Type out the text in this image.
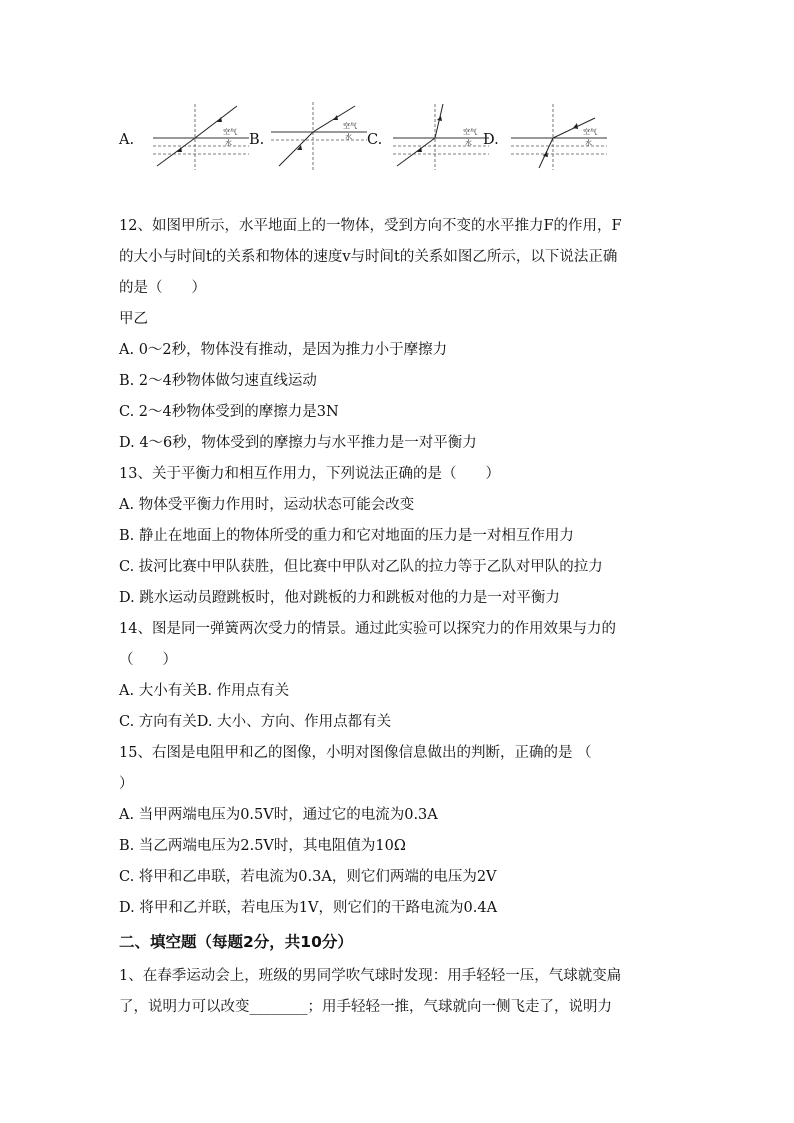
A.	空气
水 B.
空气
水 C.	空气
水 D.	空气
水
12、如图甲所示，水平地面上的一物体，受到方向不变的水平推力F的作用，F
的大小与时间t的关系和物体的速度v与时间t的关系如图乙所示，以下说法正确
的是（　　）
甲乙
A. 0～2秒，物体没有推动，是因为推力小于摩擦力
B. 2～4秒物体做匀速直线运动
C. 2～4秒物体受到的摩擦力是3N
D. 4～6秒，物体受到的摩擦力与水平推力是一对平衡力
13、关于平衡力和相互作用力，下列说法正确的是（　　）
A. 物体受平衡力作用时，运动状态可能会改变
B. 静止在地面上的物体所受的重力和它对地面的压力是一对相互作用力
C. 拔河比赛中甲队获胜，但比赛中甲队对乙队的拉力等于乙队对甲队的拉力
D. 跳水运动员蹬跳板时，他对跳板的力和跳板对他的力是一对平衡力
14、图是同一弹簧两次受力的情景。通过此实验可以探究力的作用效果与力的
（　　）
A. 大小有关B. 作用点有关
C. 方向有关D. 大小、方向、作用点都有关
15、右图是电阻甲和乙的图像，小明对图像信息做出的判断，正确的是 （
）
A. 当甲两端电压为0.5V时，通过它的电流为0.3A
B. 当乙两端电压为2.5V时，其电阻值为10Ω
C. 将甲和乙串联，若电流为0.3A，则它们两端的电压为2V
D. 将甲和乙并联，若电压为1V，则它们的干路电流为0.4A
二、填空题（每题2分，共10分）
1、在春季运动会上，班级的男同学吹气球时发现：用手轻轻一压，气球就变扁
了，说明力可以改变________；用手轻轻一推，气球就向一侧飞走了，说明力
